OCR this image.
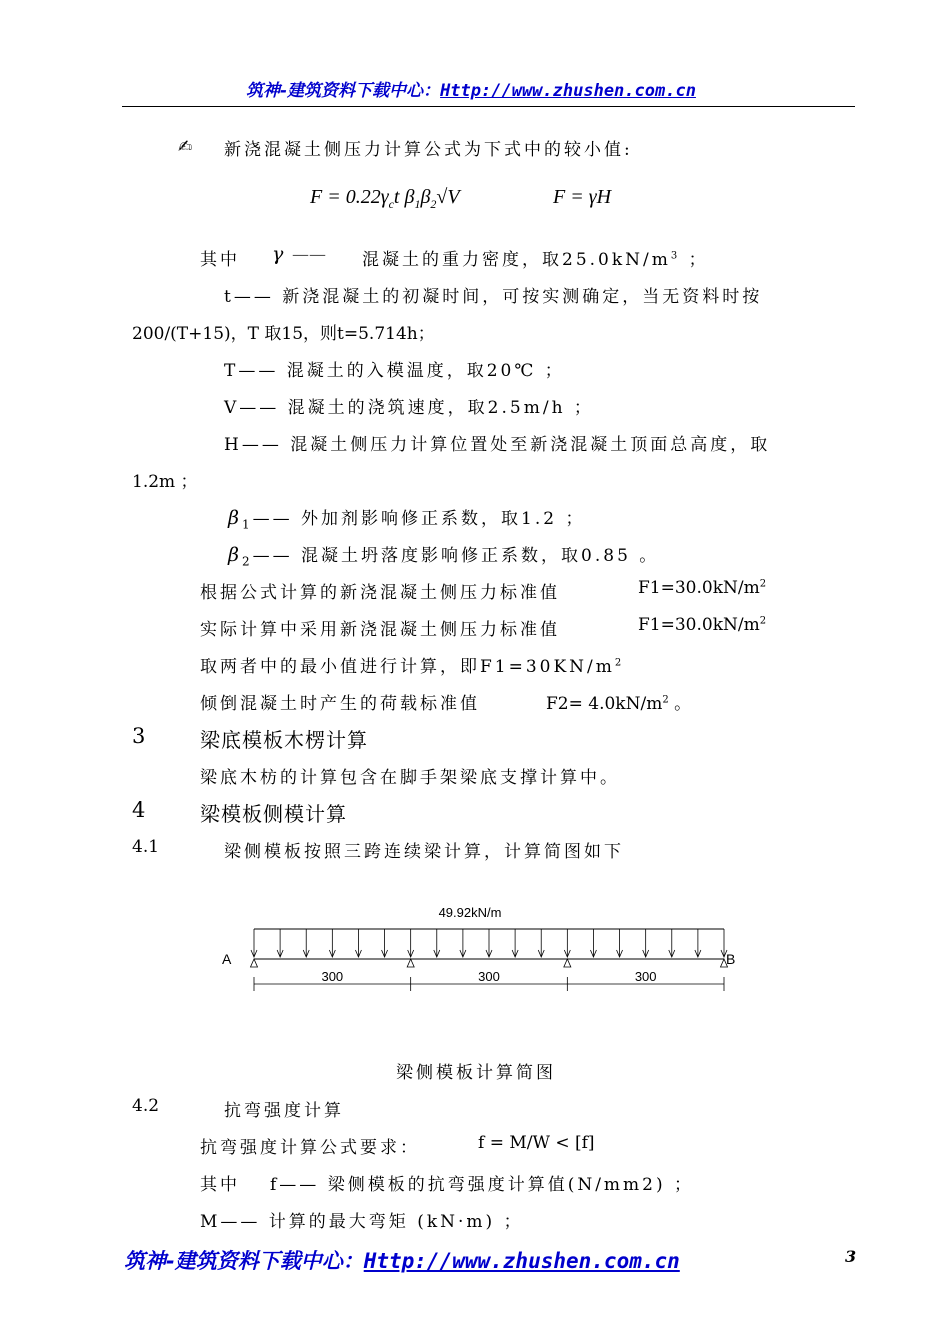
筑神-建筑资料下载中心：Http://www.zhushen.com.cn
✍ 新浇混凝土侧压力计算公式为下式中的较小值:
$F = 0.22\gamma_ct$ $\beta_1\beta_2√V$	F = γH
其中 γ —— 混凝土的重力密度，取$25.0kN/m^3$ ；
t—— 新浇混凝土的初凝时间，可按实测确定，当无资料时按
200/(T+15)，T 取15，则t=5.714h；
T—— 混凝土的入模温度，取20℃ ；
V—— 混凝土的浇筑速度，取2.5m/h ；
H—— 混凝土侧压力计算位置处至新浇混凝土顶面总高度，取
1.2m ；
$\beta_1——$ 外加剂影响修正系数，取1.2 ；
$\beta_2——$ 混凝土坍落度影响修正系数，取0.85 。
根据公式计算的新浇混凝土侧压力标准值	$F1=30.0kN/m^2$
实际计算中采用新浇混凝土侧压力标准值	$F1=30.0kN/m^2$
取两者中的最小值进行计算，即$F1=30KN/m^2$
倾倒混凝土时产生的荷载标准值	$F2= 4.0kN/m^2$ 。
3	梁底模板木楞计算
梁底木枋的计算包含在脚手架梁底支撑计算中。
4	梁模板侧模计算
4.1	梁侧模板按照三跨连续梁计算，计算简图如下
49.92kN/m
A	B
300	300	300
梁侧模板计算简图
4.2	抗弯强度计算
抗弯强度计算公式要求：	f = M/W < [f]
其中 f—— 梁侧模板的抗弯强度计算值(N/mm2) ；
M—— 计算的最大弯矩 (kN·m) ；
筑神-建筑资料下载中心：Http://www.zhushen.com.cn	3
